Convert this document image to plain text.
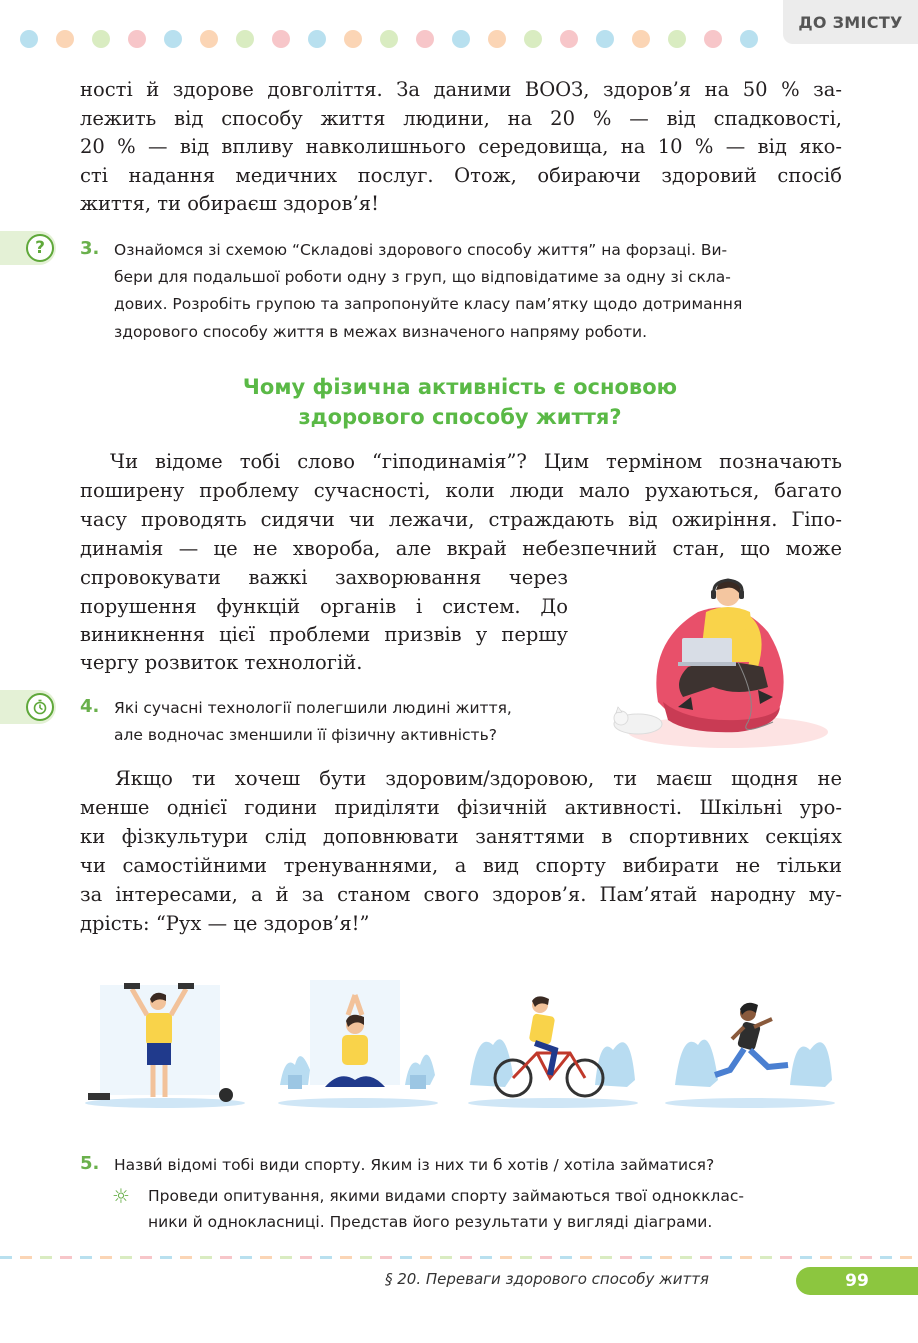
ДО ЗМІСТУ
ності й здорове довголіття. За даними ВООЗ, здоров’я на 50 % за-
лежить від способу життя людини, на 20 % — від спадковості,
20 % — від впливу навколишнього середовища, на 10 % — від яко-
сті надання медичних послуг. Отож, обираючи здоровий спосіб
життя, ти обираєш здоров’я!
?	3. Ознайомся зі схемою “Складові здорового способу життя” на форзаці. Ви-
бери для подальшої роботи одну з груп, що відповідатиме за одну зі скла-
дових. Розробіть групою та запропонуйте класу пам’ятку щодо дотримання
здорового способу життя в межах визначеного напряму роботи.
Чому фізична активність є основою
здорового способу життя?
Чи відоме тобі слово “гіподинамія”? Цим терміном позначають
поширену проблему сучасності, коли люди мало рухаються, багато
часу проводять сидячи чи лежачи, страждають від ожиріння. Гіпо-
динамія — це не хвороба, але вкрай небезпечний стан, що може
спровокувати важкі захворювання через
порушення функцій органів і систем. До
виникнення цієї проблеми призвів у першу
чергу розвиток технологій.
4. Які сучасні технології полегшили людині життя,
але водночас зменшили її фізичну активність?
Якщо ти хочеш бути здоровим/здоровою, ти маєш щодня не
менше однієї години приділяти фізичній активності. Шкільні уро-
ки фізкультури слід доповнювати заняттями в спортивних секціях
чи самостійними тренуваннями, а вид спорту вибирати не тільки
за інтересами, а й за станом свого здоров’я. Пам’ятай народну му-
дрість: “Рух — це здоров’я!”
5. Назви́ відомі тобі види спорту. Яким із них ти б хотів / хотіла займатися?
☼ Проведи опитування, якими видами спорту займаються твої однокклас-
ники й однокласниці. Представ його результати у вигляді діаграми.
§ 20. Переваги здорового способу життя	99
